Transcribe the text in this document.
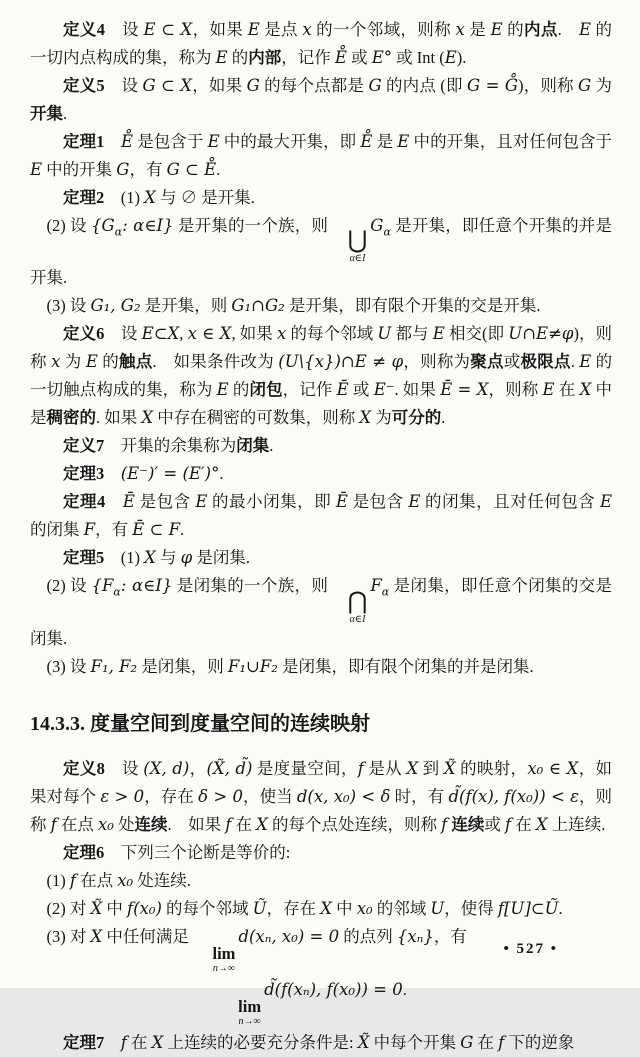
定义4　设 E ⊂ X，如果 E 是点 x 的一个邻域，则称 x 是 E 的内点.　E 的一切内点构成的集，称为 E 的内部，记作 E̊ 或 E° 或 Int (E).

定义5　设 G ⊂ X，如果 G 的每个点都是 G 的内点 (即 G = G̊)，则称 G 为开集.

定理1　 E̊ 是包含于 E 中的最大开集，即 E̊ 是 E 中的开集，且对任何包含于 E 中的开集 G，有 G ⊂ E̊.

定理2　(1) X 与 ∅ 是开集.

(2) 设 {$G_\alpha$: α∈I} 是开集的一个族，则
⋃
α∈I
$G_\alpha$ 是开集，即任意个开集的并是开集.

(3) 设 G₁, G₂ 是开集，则 G₁∩G₂ 是开集，即有限个开集的交是开集.

定义6　设 E⊂X, x ∈ X, 如果 x 的每个邻域 U 都与 E 相交(即 U∩E≠φ)，则称 x 为 E 的触点.　如果条件改为 (U\{x})∩E ≠ φ，则称为聚点或极限点. E 的一切触点构成的集，称为 E 的闭包，记作 Ē 或 E⁻. 如果 Ē = X，则称 E 在 X 中是稠密的. 如果 X 中存在稠密的可数集，则称 X 为可分的.

定义7　开集的余集称为闭集.

定理3　 (E⁻)′ = (E′)°.

定理4　 Ē 是包含 E 的最小闭集，即 Ē 是包含 E 的闭集，且对任何包含 E 的闭集 F，有 Ē ⊂ F.

定理5　(1) X 与 φ 是闭集.

(2) 设 {$F_\alpha$: α∈I} 是闭集的一个族，则
⋂
α∈I
$F_\alpha$ 是闭集，即任意个闭集的交是闭集.

(3) 设 F₁, F₂ 是闭集，则 F₁∪F₂ 是闭集，即有限个闭集的并是闭集.

14.3.3. 度量空间到度量空间的连续映射

定义8　设 (X, d)，(X̃, d̃) 是度量空间，f 是从 X 到 X̃ 的映射，x₀ ∈ X，如果对每个 ε > 0，存在 δ > 0，使当 d(x, x₀) < δ 时，有 d̃(f(x), f(x₀)) < ε，则称 f 在点 x₀ 处连续.　如果 f 在 X 的每个点处连续，则称 f 连续或 f 在 X 上连续.

定理6　下列三个论断是等价的:

(1) f 在点 x₀ 处连续.

(2) 对 X̃ 中 f(x₀) 的每个邻域 Ũ，存在 X 中 x₀ 的邻域 U，使得 f[U]⊂Ũ.

(3) 对 X 中任何满足
lim
n→∞
d(xₙ, x₀) = 0 的点列 {xₙ}，有

lim
n→∞
d̃(f(xₙ), f(x₀)) = 0.

定理7　 f 在 X 上连续的必要充分条件是: X̃ 中每个开集 G 在 f 下的逆象

• 527 •
